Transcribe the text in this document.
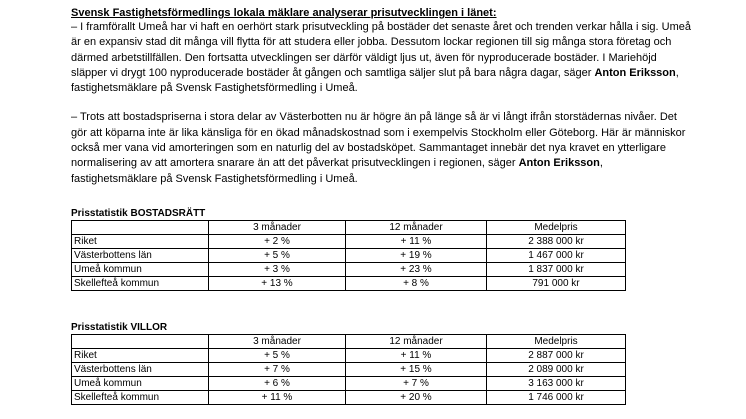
Svensk Fastighetsförmedlings lokala mäklare analyserar prisutvecklingen i länet:

– I framförallt Umeå har vi haft en oerhört stark prisutveckling på bostäder det senaste året och trenden verkar hålla i sig. Umeå är en expansiv stad dit många vill flytta för att studera eller jobba. Dessutom lockar regionen till sig många stora företag och därmed arbetstillfällen. Den fortsatta utvecklingen ser därför väldigt ljus ut, även för nyproducerade bostäder. I Mariehöjd släpper vi drygt 100 nyproducerade bostäder åt gången och samtliga säljer slut på bara några dagar, säger Anton Eriksson, fastighetsmäklare på Svensk Fastighetsförmedling i Umeå.

– Trots att bostadspriserna i stora delar av Västerbotten nu är högre än på länge så är vi långt ifrån storstädernas nivåer. Det gör att köparna inte är lika känsliga för en ökad månadskostnad som i exempelvis Stockholm eller Göteborg. Här är människor också mer vana vid amorteringen som en naturlig del av bostadsköpet. Sammantaget innebär det nya kravet en ytterligare normalisering av att amortera snarare än att det påverkat prisutvecklingen i regionen, säger Anton Eriksson, fastighetsmäklare på Svensk Fastighetsförmedling i Umeå.

Prisstatistik BOSTADSRÄTT

	3 månader	12 månader	Medelpris
Riket	+ 2 %	+ 11 %	2 388 000 kr
Västerbottens län	+ 5 %	+ 19 %	1 467 000 kr
Umeå kommun	+ 3 %	+ 23 %	1 837 000 kr
Skellefteå kommun	+ 13 %	+ 8 %	791 000 kr

Prisstatistik VILLOR

	3 månader	12 månader	Medelpris
Riket	+ 5 %	+ 11 %	2 887 000 kr
Västerbottens län	+ 7 %	+ 15 %	2 089 000 kr
Umeå kommun	+ 6 %	+ 7 %	3 163 000 kr
Skellefteå kommun	+ 11 %	+ 20 %	1 746 000 kr
